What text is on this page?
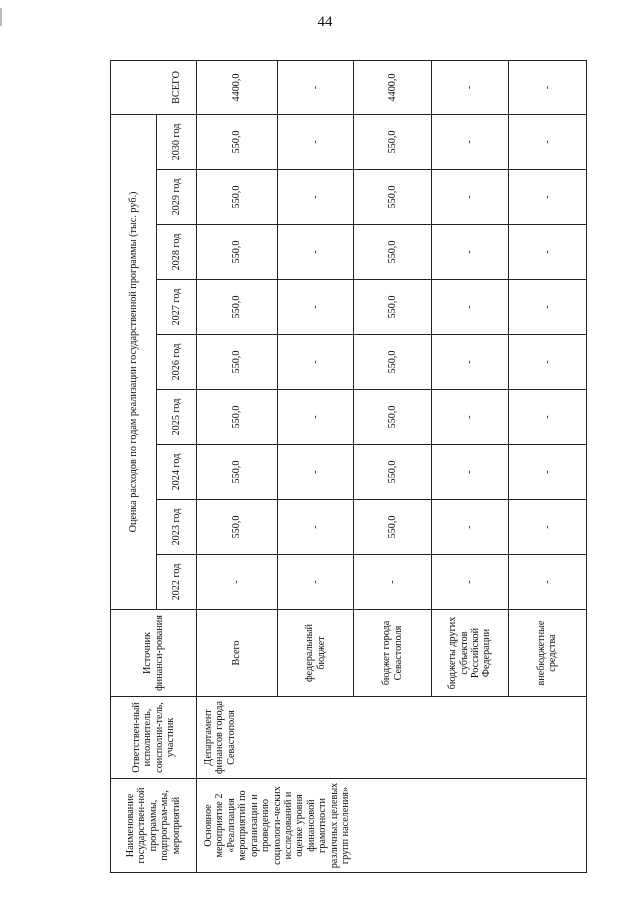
44
Наименование государствен-ной программы, подпрограм-мы, мероприятий	Ответствен-ный исполнитель, соисполни-тель, участник	Источник финанси-рования	Оценка расходов по годам реализации государственной программы (тыс. руб.)									
			2022 год	2023 год	2024 год	2025 год	2026 год	2027 год	2028 год	2029 год	2030 год	ВСЕГО
Основное мероприятие 2 «Реализация мероприятий по организации и проведению социологи-ческих исследований и оценке уровня финансовой грамотности различных целевых групп населения»	Департамент финансов города Севастополя	Всего	-	550,0	550,0	550,0	550,0	550,0	550,0	550,0	550,0	4400,0
		федеральный бюджет	-	-	-	-	-	-	-	-	-	-
		бюджет города Севастополя	-	550,0	550,0	550,0	550,0	550,0	550,0	550,0	550,0	4400,0
		бюджеты других субъектов Российской Федерации	-	-	-	-	-	-	-	-	-	-
		внебюджетные средства	-	-	-	-	-	-	-	-	-	-
